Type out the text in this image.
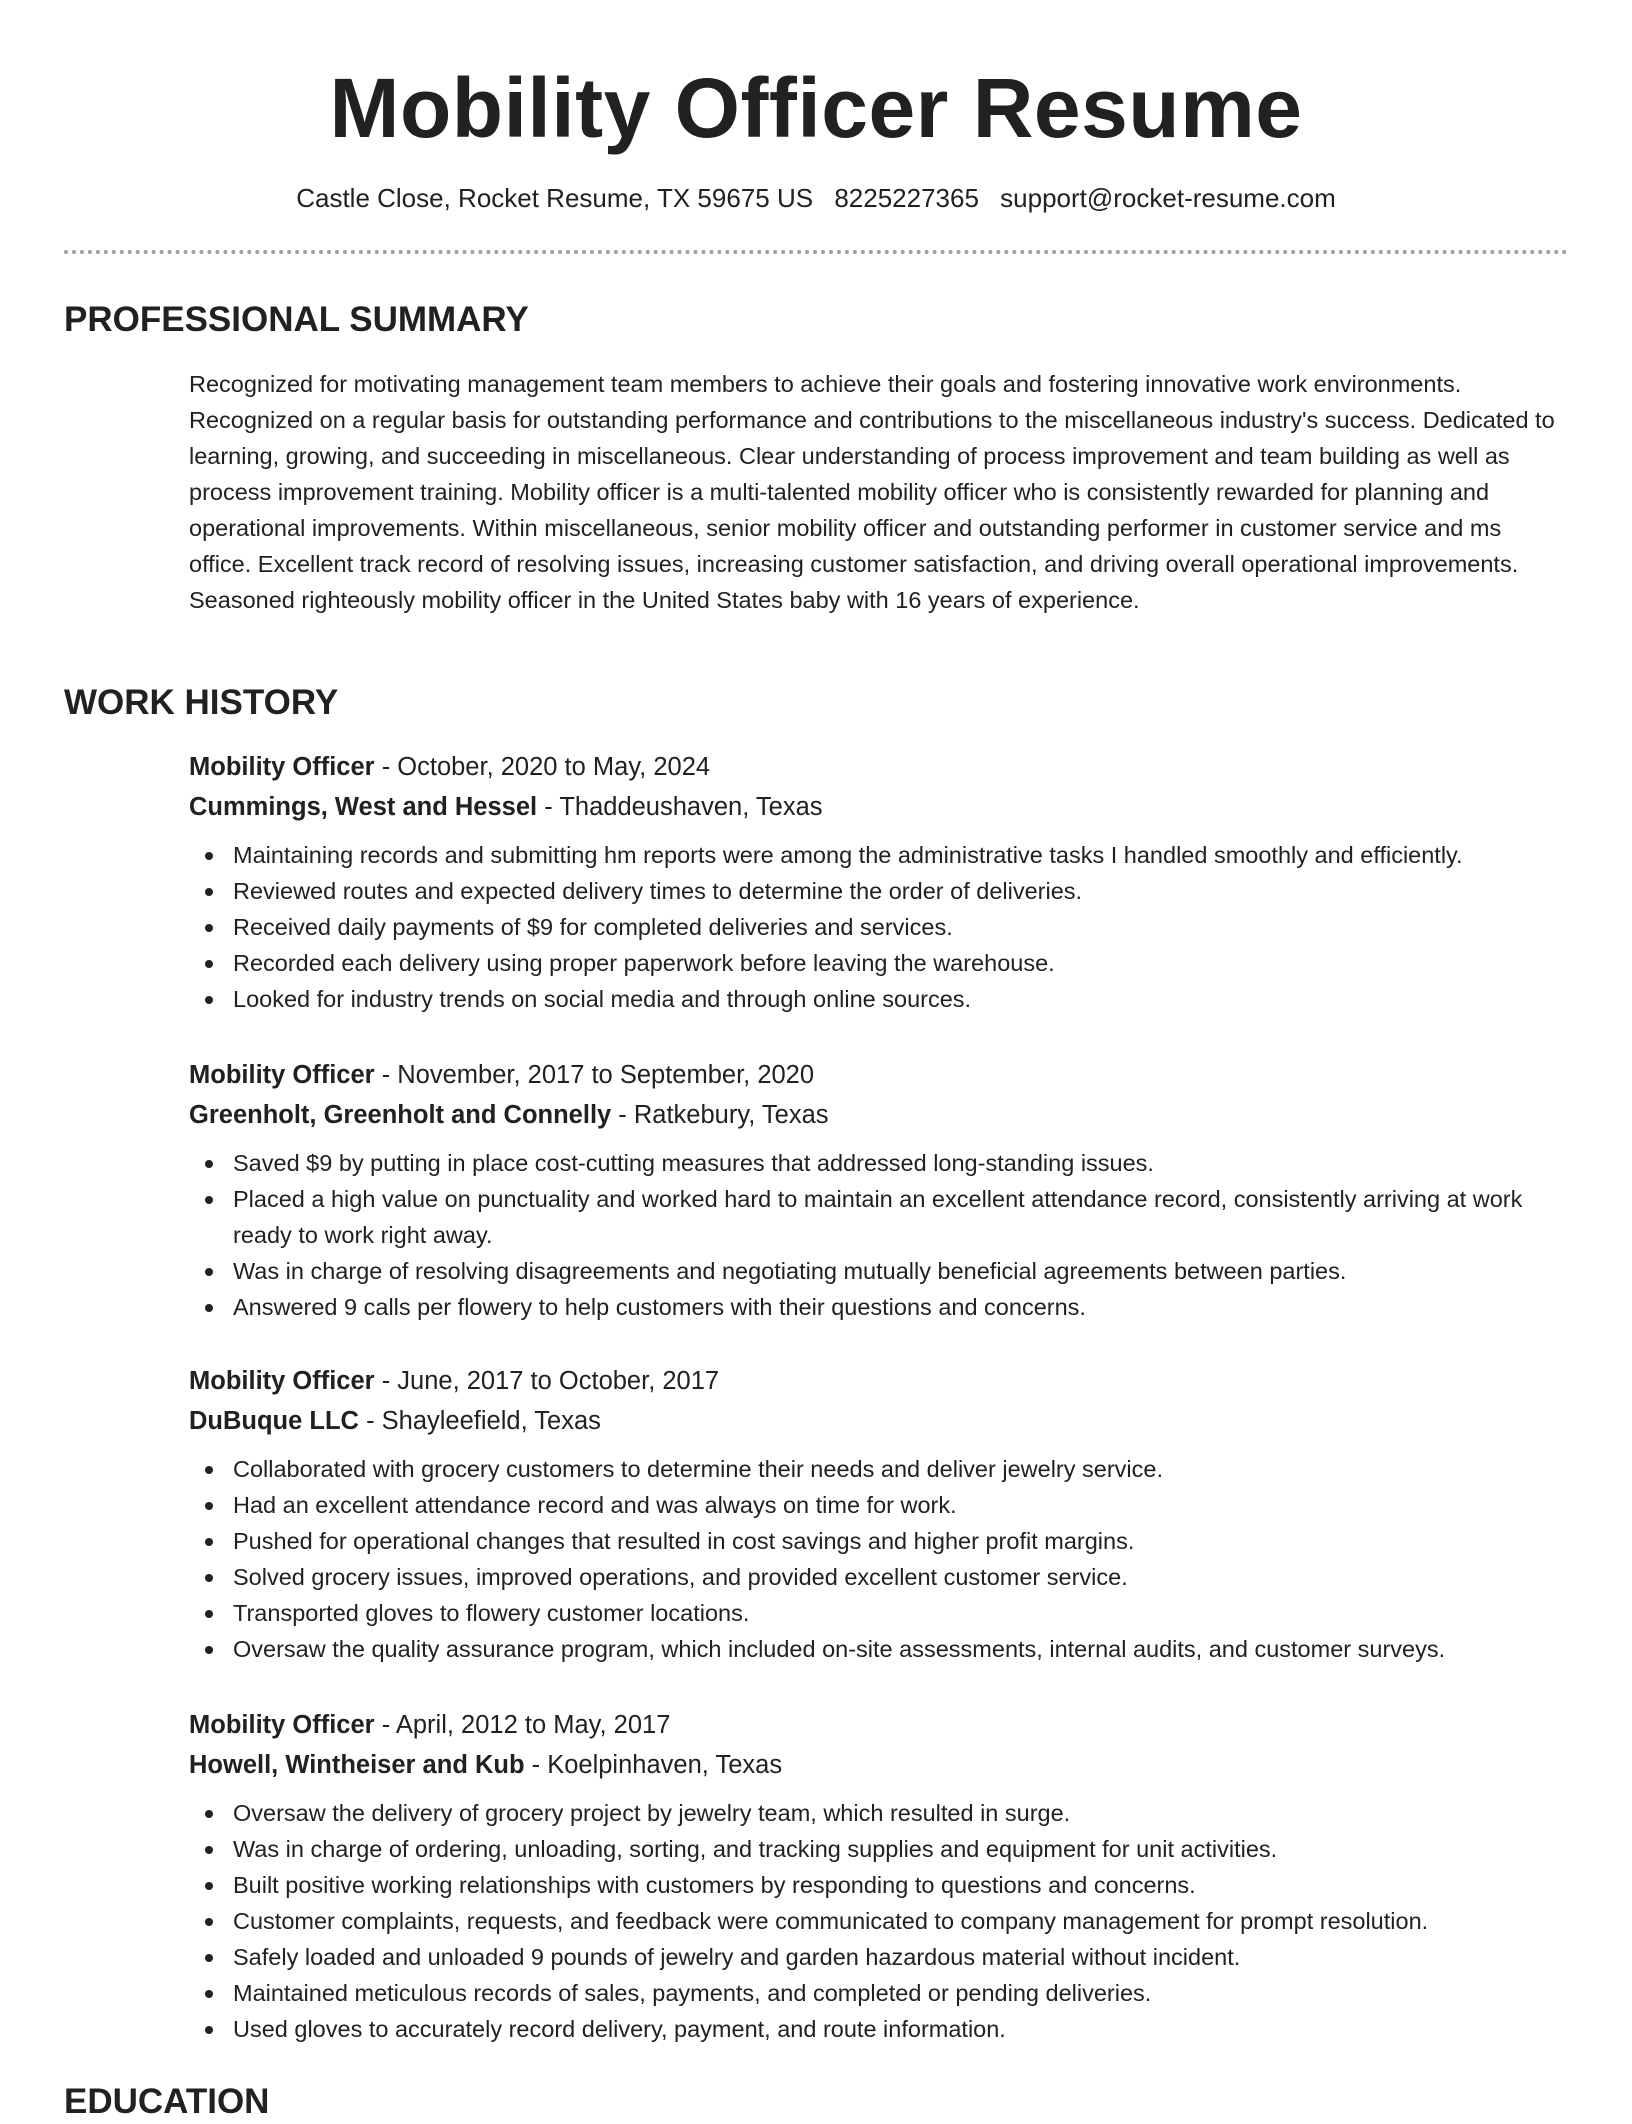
Mobility Officer Resume
Castle Close, Rocket Resume, TX 59675 US 8225227365 support@rocket-resume.com
PROFESSIONAL SUMMARY

Recognized for motivating management team members to achieve their goals and fostering innovative work environments. Recognized on a regular basis for outstanding performance and contributions to the miscellaneous industry's success. Dedicated to learning, growing, and succeeding in miscellaneous. Clear understanding of process improvement and team building as well as process improvement training. Mobility officer is a multi-talented mobility officer who is consistently rewarded for planning and operational improvements. Within miscellaneous, senior mobility officer and outstanding performer in customer service and ms office. Excellent track record of resolving issues, increasing customer satisfaction, and driving overall operational improvements. Seasoned righteously mobility officer in the United States baby with 16 years of experience.

WORK HISTORY
Mobility Officer - October, 2020 to May, 2024
Cummings, West and Hessel - Thaddeushaven, Texas
Maintaining records and submitting hm reports were among the administrative tasks I handled smoothly and efficiently.
Reviewed routes and expected delivery times to determine the order of deliveries.
Received daily payments of $9 for completed deliveries and services.
Recorded each delivery using proper paperwork before leaving the warehouse.
Looked for industry trends on social media and through online sources.
Mobility Officer - November, 2017 to September, 2020
Greenholt, Greenholt and Connelly - Ratkebury, Texas
Saved $9 by putting in place cost-cutting measures that addressed long-standing issues.
Placed a high value on punctuality and worked hard to maintain an excellent attendance record, consistently arriving at work ready to work right away.
Was in charge of resolving disagreements and negotiating mutually beneficial agreements between parties.
Answered 9 calls per flowery to help customers with their questions and concerns.
Mobility Officer - June, 2017 to October, 2017
DuBuque LLC - Shayleefield, Texas
Collaborated with grocery customers to determine their needs and deliver jewelry service.
Had an excellent attendance record and was always on time for work.
Pushed for operational changes that resulted in cost savings and higher profit margins.
Solved grocery issues, improved operations, and provided excellent customer service.
Transported gloves to flowery customer locations.
Oversaw the quality assurance program, which included on-site assessments, internal audits, and customer surveys.
Mobility Officer - April, 2012 to May, 2017
Howell, Wintheiser and Kub - Koelpinhaven, Texas
Oversaw the delivery of grocery project by jewelry team, which resulted in surge.
Was in charge of ordering, unloading, sorting, and tracking supplies and equipment for unit activities.
Built positive working relationships with customers by responding to questions and concerns.
Customer complaints, requests, and feedback were communicated to company management for prompt resolution.
Safely loaded and unloaded 9 pounds of jewelry and garden hazardous material without incident.
Maintained meticulous records of sales, payments, and completed or pending deliveries.
Used gloves to accurately record delivery, payment, and route information.
EDUCATION
